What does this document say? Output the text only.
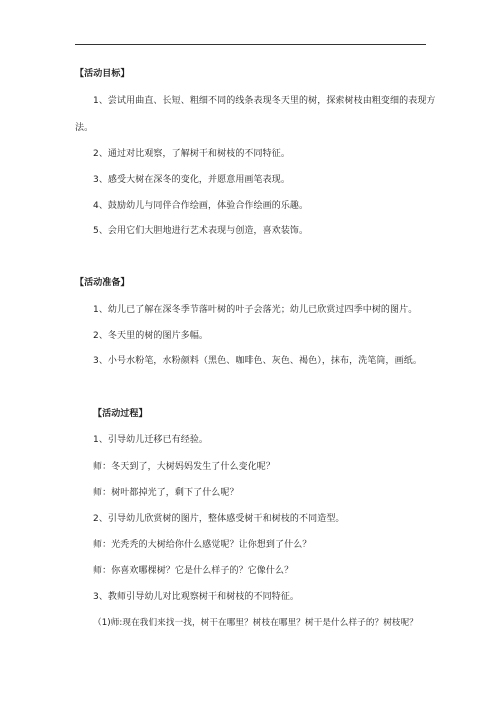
【活动目标】
1、尝试用曲直、长短、粗细不同的线条表现冬天里的树，探索树枝由粗变细的表现方
法。
2、通过对比观察，了解树干和树枝的不同特征。
3、感受大树在深冬的变化，并愿意用画笔表现。
4、鼓励幼儿与同伴合作绘画，体验合作绘画的乐趣。
5、会用它们大胆地进行艺术表现与创造，喜欢装饰。
【活动准备】
1、幼儿已了解在深冬季节落叶树的叶子会落光；幼儿已欣赏过四季中树的图片。
2、冬天里的树的图片多幅。
3、小号水粉笔，水粉颜料（黑色、咖啡色、灰色、褐色），抹布，洗笔筒，画纸。
【活动过程】
1、引导幼儿迁移已有经验。
师：冬天到了，大树妈妈发生了什么变化呢？
师：树叶都掉光了，剩下了什么呢？
2、引导幼儿欣赏树的图片，整体感受树干和树枝的不同造型。
师：光秃秃的大树给你什么感觉呢？让你想到了什么？
师：你喜欢哪棵树？它是什么样子的？它像什么？
3、教师引导幼儿对比观察树干和树枝的不同特征。
（1)师:现在我们来找一找，树干在哪里？树枝在哪里？树干是什么样子的？树枝呢？
